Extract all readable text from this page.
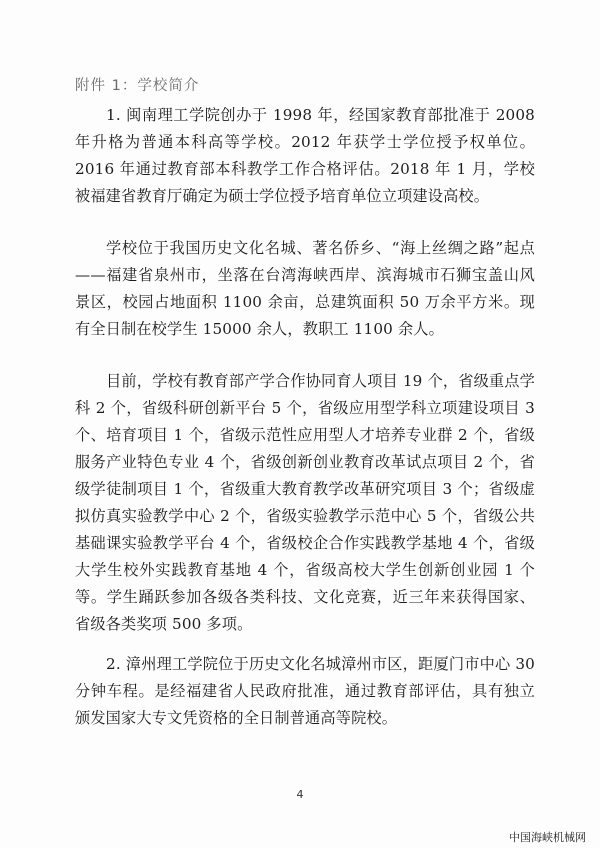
附件 1：学校简介

1. 闽南理工学院创办于 1998 年，经国家教育部批准于 2008 年升格为普通本科高等学校。2012 年获学士学位授予权单位。2016 年通过教育部本科教学工作合格评估。2018 年 1 月，学校被福建省教育厅确定为硕士学位授予培育单位立项建设高校。

学校位于我国历史文化名城、著名侨乡、“海上丝绸之路”起点——福建省泉州市，坐落在台湾海峡西岸、滨海城市石狮宝盖山风景区，校园占地面积 1100 余亩，总建筑面积 50 万余平方米。现有全日制在校学生 15000 余人，教职工 1100 余人。

目前，学校有教育部产学合作协同育人项目 19 个，省级重点学科 2 个，省级科研创新平台 5 个，省级应用型学科立项建设项目 3 个、培育项目 1 个，省级示范性应用型人才培养专业群 2 个，省级服务产业特色专业 4 个，省级创新创业教育改革试点项目 2 个，省级学徒制项目 1 个，省级重大教育教学改革研究项目 3 个；省级虚拟仿真实验教学中心 2 个，省级实验教学示范中心 5 个，省级公共基础课实验教学平台 4 个，省级校企合作实践教学基地 4 个，省级大学生校外实践教育基地 4 个，省级高校大学生创新创业园 1 个等。学生踊跃参加各级各类科技、文化竞赛，近三年来获得国家、省级各类奖项 500 多项。

2. 漳州理工学院位于历史文化名城漳州市区，距厦门市中心 30 分钟车程。是经福建省人民政府批准，通过教育部评估，具有独立颁发国家大专文凭资格的全日制普通高等院校。

4
中国海峡机械网
